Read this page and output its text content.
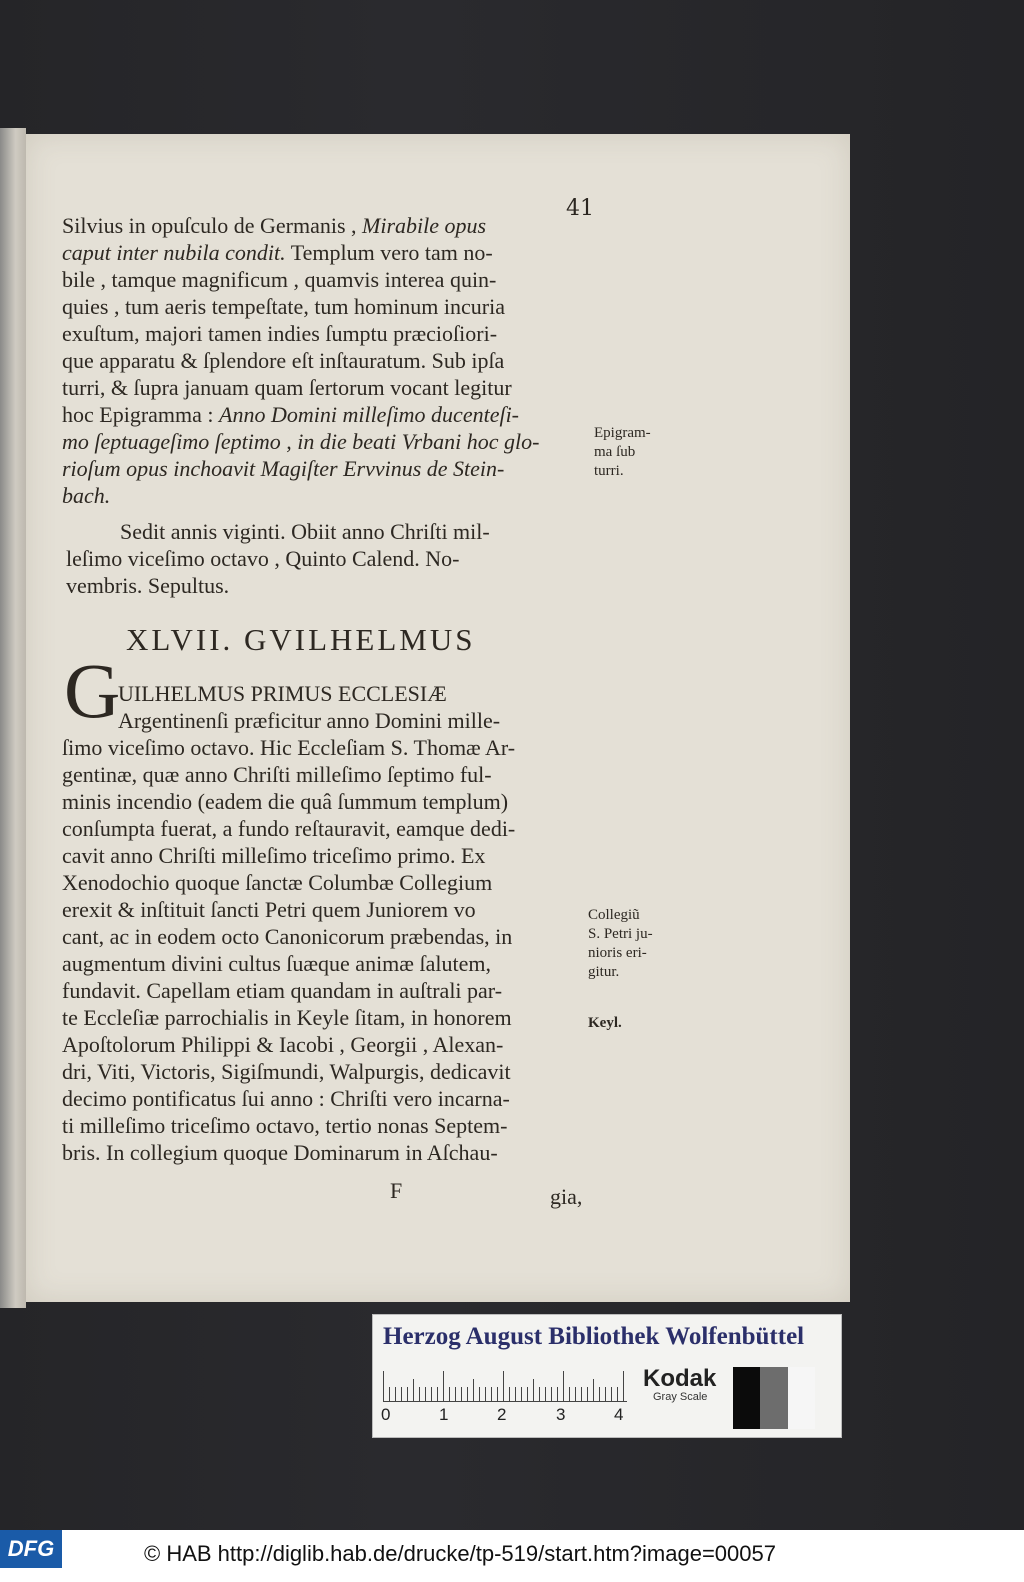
41
Silvius in opuſculo de Germanis , Mirabile opus
caput inter nubila condit. Templum vero tam no-
bile , tamque magnificum , quamvis interea quin-
quies , tum aeris tempeſtate, tum hominum incuria
exuſtum, majori tamen indies ſumptu præcioſiori-
que apparatu & ſplendore eſt inſtauratum. Sub ipſa
turri, & ſupra januam quam ſertorum vocant legitur
hoc Epigramma : Anno Domini milleſimo ducenteſi-
mo ſeptuageſimo ſeptimo , in die beati Vrbani hoc glo-
rioſum opus inchoavit Magiſter Ervvinus de Stein-
bach.
Epigram-
ma ſub
turri.
Sedit annis viginti. Obiit anno Chriſti mil-
leſimo viceſimo octavo , Quinto Calend. No-
vembris. Sepultus.
XLVII. GVILHELMUS
G
UILHELMUS PRIMUS ECCLESIÆ
Argentinenſi præficitur anno Domini mille-
ſimo viceſimo octavo. Hic Eccleſiam S. Thomæ Ar-
gentinæ, quæ anno Chriſti milleſimo ſeptimo ful-
minis incendio (eadem die quâ ſummum templum)
conſumpta fuerat, a fundo reſtauravit, eamque dedi-
cavit anno Chriſti milleſimo triceſimo primo. Ex
Xenodochio quoque ſanctæ Columbæ Collegium
erexit & inſtituit ſancti Petri quem Juniorem vo
cant, ac in eodem octo Canonicorum præbendas, in
augmentum divini cultus ſuæque animæ ſalutem,
fundavit. Capellam etiam quandam in auſtrali par-
te Eccleſiæ parrochialis in Keyle ſitam, in honorem
Apoſtolorum Philippi & Iacobi , Georgii , Alexan-
dri, Viti, Victoris, Sigiſmundi, Walpurgis, dedicavit
decimo pontificatus ſui anno : Chriſti vero incarna-
ti milleſimo triceſimo octavo, tertio nonas Septem-
bris. In collegium quoque Dominarum in Aſchau-
Collegiũ
S. Petri ju-
nioris eri-
gitur.
Keyl.
F	gia,
Herzog August Bibliothek Wolfenbüttel
0	1	2	3	4
Kodak
Gray Scale
DFG	© HAB http://diglib.hab.de/drucke/tp-519/start.htm?image=00057
